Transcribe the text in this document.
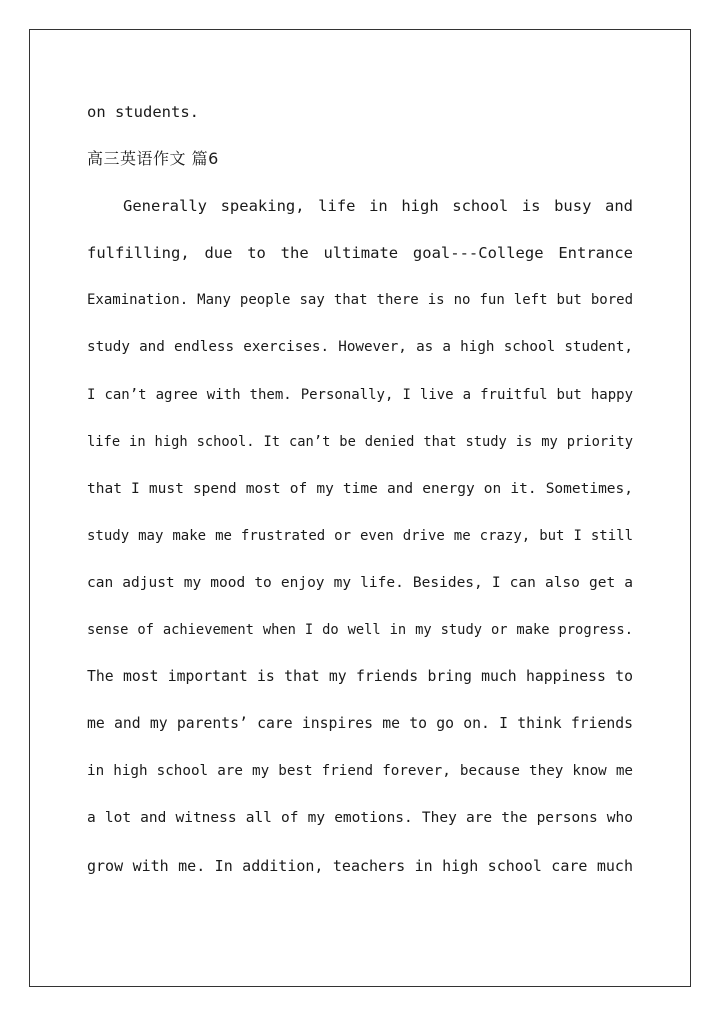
on students.
高三英语作文 篇6
Generally speaking, life in high school is busy and
fulfilling, due to the ultimate goal---College Entrance
Examination. Many people say that there is no fun left but bored
study and endless exercises. However, as a high school student,
I can’t agree with them. Personally, I live a fruitful but happy
life in high school. It can’t be denied that study is my priority
that I must spend most of my time and energy on it. Sometimes,
study may make me frustrated or even drive me crazy, but I still
can adjust my mood to enjoy my life. Besides, I can also get a
sense of achievement when I do well in my study or make progress.
The most important is that my friends bring much happiness to
me and my parents’ care inspires me to go on. I think friends
in high school are my best friend forever, because they know me
a lot and witness all of my emotions. They are the persons who
grow with me. In addition, teachers in high school care much
